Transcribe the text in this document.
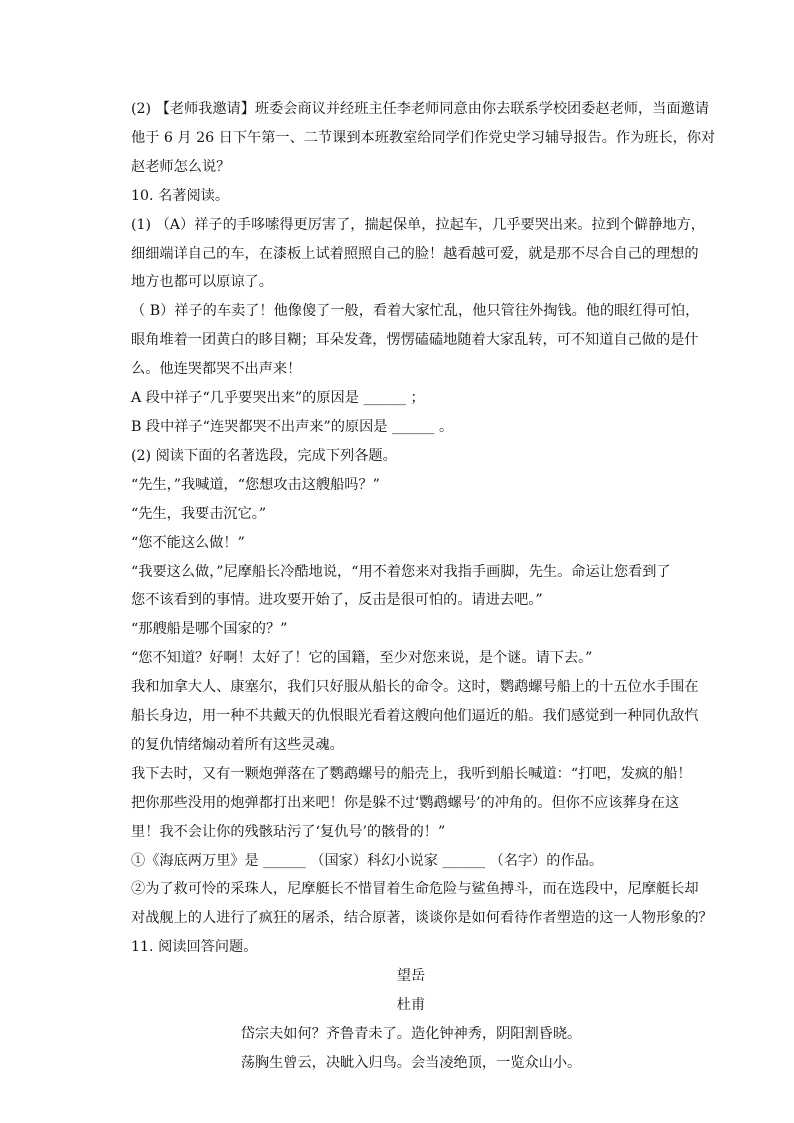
(2) 【老师我邀请】班委会商议并经班主任李老师同意由你去联系学校团委赵老师，当面邀请
他于 6 月 26 日下午第一、二节课到本班教室给同学们作党史学习辅导报告。作为班长，你对
赵老师怎么说？
10. 名著阅读。
(1) （A）祥子的手哆嗦得更厉害了，揣起保单，拉起车，几乎要哭出来。拉到个僻静地方，
细细端详自己的车，在漆板上试着照照自己的脸！越看越可爱，就是那不尽合自己的理想的
地方也都可以原谅了。
（ B）祥子的车卖了！他像傻了一般，看着大家忙乱，他只管往外掏钱。他的眼红得可怕，
眼角堆着一团黄白的眵目糊；耳朵发聋，愣愣磕磕地随着大家乱转，可不知道自己做的是什
么。他连哭都哭不出声来！
A 段中祥子“几乎要哭出来”的原因是 ______ ；
B 段中祥子“连哭都哭不出声来”的原因是 ______ 。
(2) 阅读下面的名著选段，完成下列各题。
“先生，”我喊道，“您想攻击这艘船吗？”
“先生，我要击沉它。”
“您不能这么做！”
“我要这么做，”尼摩船长冷酷地说，“用不着您来对我指手画脚，先生。命运让您看到了
您不该看到的事情。进攻要开始了，反击是很可怕的。请进去吧。”
“那艘船是哪个国家的？”
“您不知道？好啊！太好了！它的国籍，至少对您来说，是个谜。请下去。”
我和加拿大人、康塞尔，我们只好服从船长的命令。这时，鹦鹉螺号船上的十五位水手围在
船长身边，用一种不共戴天的仇恨眼光看着这艘向他们逼近的船。我们感觉到一种同仇敌忾
的复仇情绪煽动着所有这些灵魂。
我下去时，又有一颗炮弹落在了鹦鹉螺号的船壳上，我听到船长喊道：“打吧，发疯的船！
把你那些没用的炮弹都打出来吧！你是躲不过‘鹦鹉螺号’的冲角的。但你不应该葬身在这
里！我不会让你的残骸玷污了‘复仇号’的骸骨的！”
①《海底两万里》是 ______ （国家）科幻小说家 ______ （名字）的作品。
②为了救可怜的采珠人，尼摩艇长不惜冒着生命危险与鲨鱼搏斗，而在选段中，尼摩艇长却
对战舰上的人进行了疯狂的屠杀，结合原著，谈谈你是如何看待作者塑造的这一人物形象的？
11. 阅读回答问题。
望岳
杜甫
岱宗夫如何？齐鲁青未了。造化钟神秀，阴阳割昏晓。
荡胸生曾云，决眦入归鸟。会当凌绝顶，一览众山小。
